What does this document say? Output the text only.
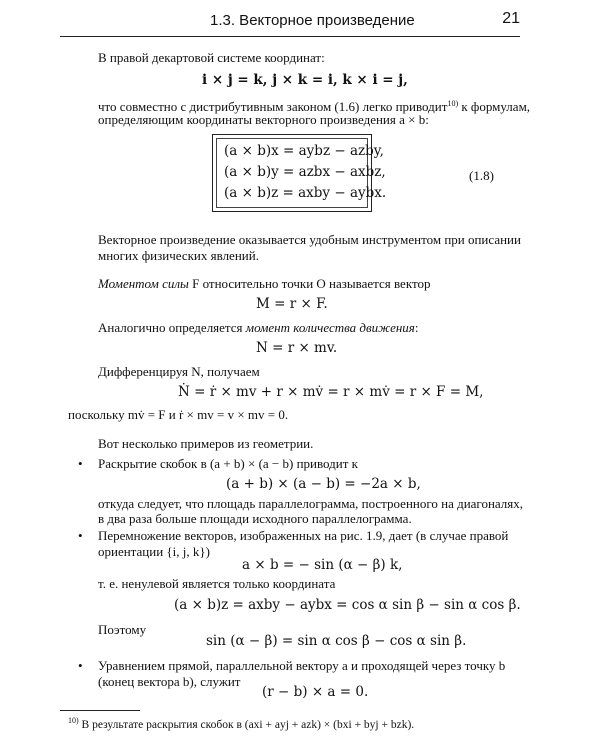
1.3. Векторное произведение	21
В правой декартовой системе координат:
i × j = k, j × k = i, k × i = j,
что совместно с дистрибутивным законом (1.6) легко приводит$^{10)}$ к формулам,
определяющим координаты векторного произведения a × b:
(a × b)x = aybz − azby,
(a × b)y = azbx − axbz,
(a × b)z = axby − aybx.
(1.8)
Векторное произведение оказывается удобным инструментом при описании
многих физических явлений.
Моментом силы F относительно точки O называется вектор
M = r × F.
Аналогично определяется момент количества движения:
N = r × mv.
Дифференцируя N, получаем
Ṅ = ṙ × mv + r × mv̇ = r × mv̇ = r × F = M,
поскольку mv̇ = F и ṙ × mv = v × mv = 0.
Вот несколько примеров из геометрии.
• Раскрытие скобок в (a + b) × (a − b) приводит к
(a + b) × (a − b) = −2a × b,
откуда следует, что площадь параллелограмма, построенного на диагоналях,
в два раза больше площади исходного параллелограмма.
• Перемножение векторов, изображенных на рис. 1.9, дает (в случае правой
ориентации {i, j, k})
a × b = − sin (α − β) k,
т. е. ненулевой является только координата
(a × b)z = axby − aybx = cos α sin β − sin α cos β.
Поэтому
sin (α − β) = sin α cos β − cos α sin β.
• Уравнением прямой, параллельной вектору a и проходящей через точку b
(конец вектора b), служит
(r − b) × a = 0.
$^{10)}$ В результате раскрытия скобок в (axi + ayj + azk) × (bxi + byj + bzk).
